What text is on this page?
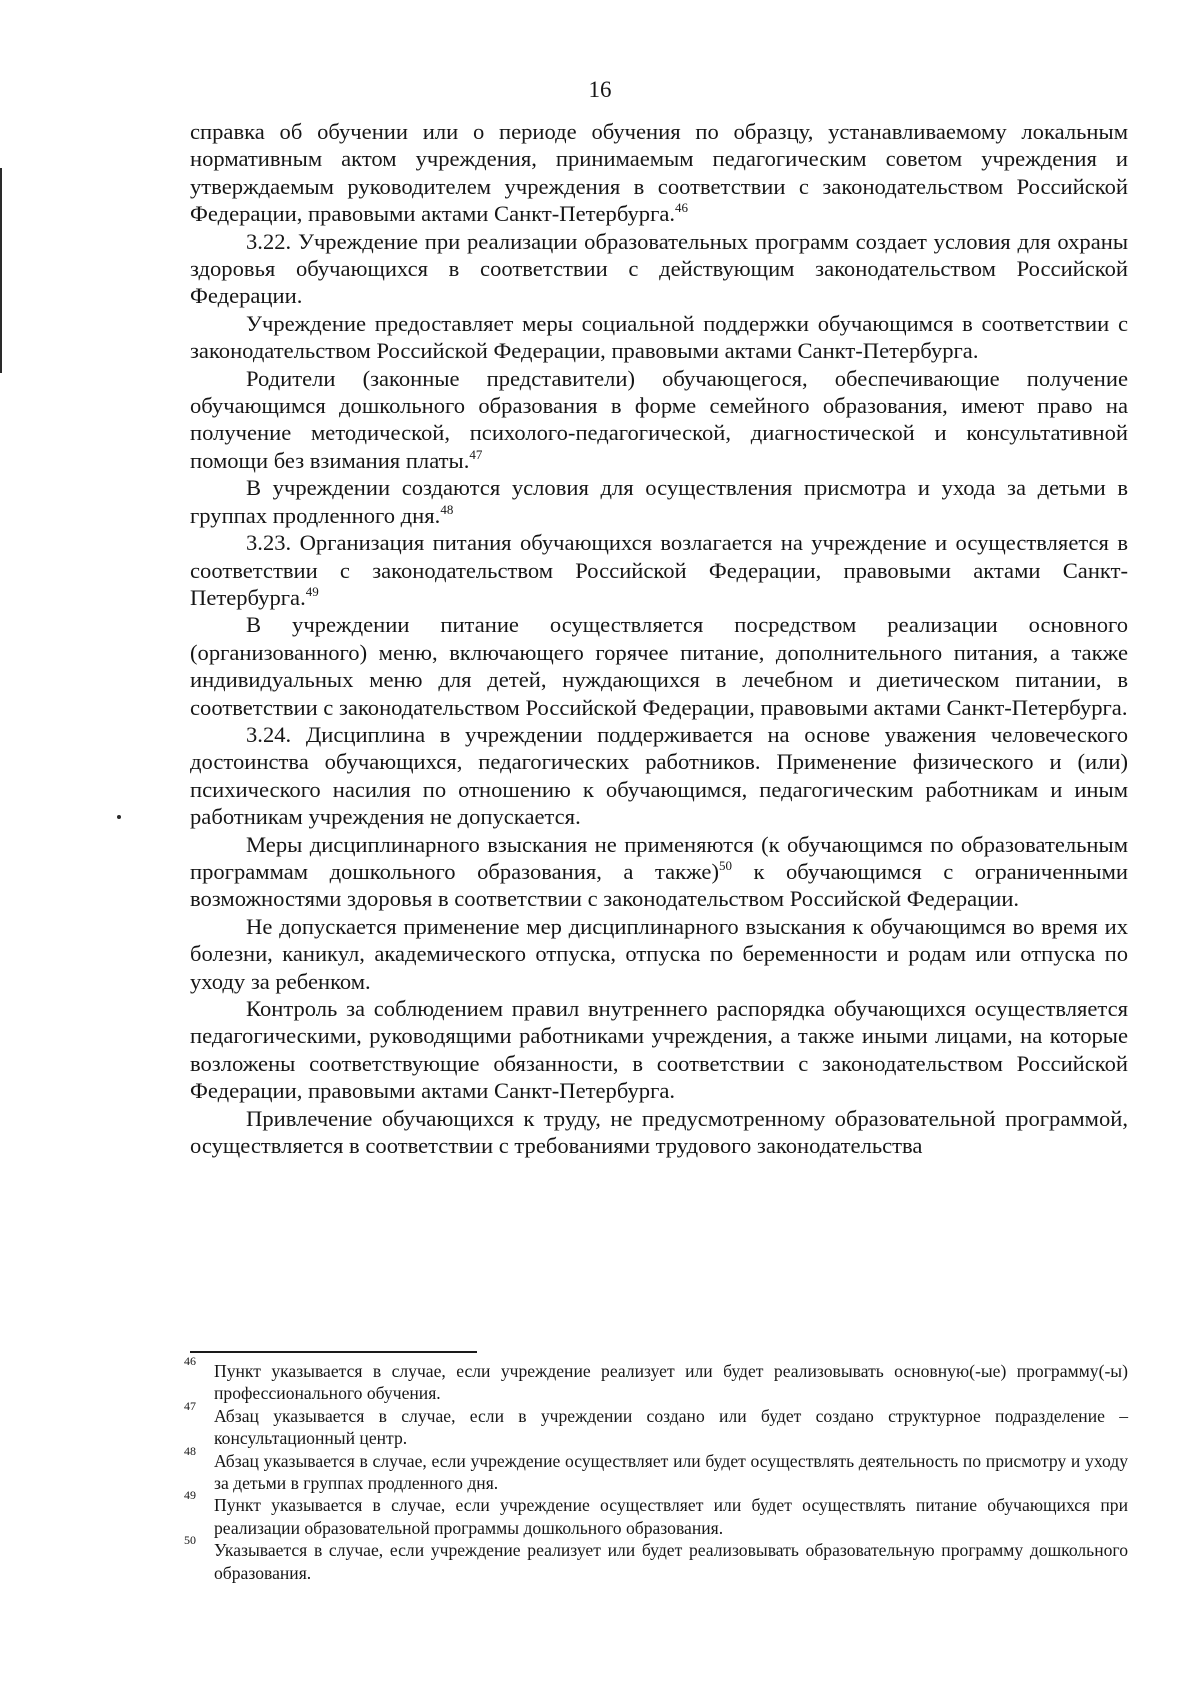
16

справка об обучении или о периоде обучения по образцу, устанавливаемому локальным нормативным актом учреждения, принимаемым педагогическим советом учреждения и утверждаемым руководителем учреждения в соответствии с законодательством Российской Федерации, правовыми актами Санкт-Петербурга.$^{46}$

3.22. Учреждение при реализации образовательных программ создает условия для охраны здоровья обучающихся в соответствии с действующим законодательством Российской Федерации.

Учреждение предоставляет меры социальной поддержки обучающимся в соответствии с законодательством Российской Федерации, правовыми актами Санкт-Петербурга.

Родители (законные представители) обучающегося, обеспечивающие получение обучающимся дошкольного образования в форме семейного образования, имеют право на получение методической, психолого-педагогической, диагностической и консультативной помощи без взимания платы.$^{47}$

В учреждении создаются условия для осуществления присмотра и ухода за детьми в группах продленного дня.$^{48}$

3.23. Организация питания обучающихся возлагается на учреждение и осуществляется в соответствии с законодательством Российской Федерации, правовыми актами Санкт-Петербурга.$^{49}$

В учреждении питание осуществляется посредством реализации основного (организованного) меню, включающего горячее питание, дополнительного питания, а также индивидуальных меню для детей, нуждающихся в лечебном и диетическом питании, в соответствии с законодательством Российской Федерации, правовыми актами Санкт-Петербурга.

3.24. Дисциплина в учреждении поддерживается на основе уважения человеческого достоинства обучающихся, педагогических работников. Применение физического и (или) психического насилия по отношению к обучающимся, педагогическим работникам и иным работникам учреждения не допускается.

Меры дисциплинарного взыскания не применяются (к обучающимся по образовательным программам дошкольного образования, а также)$^{50}$ к обучающимся с ограниченными возможностями здоровья в соответствии с законодательством Российской Федерации.

Не допускается применение мер дисциплинарного взыскания к обучающимся во время их болезни, каникул, академического отпуска, отпуска по беременности и родам или отпуска по уходу за ребенком.

Контроль за соблюдением правил внутреннего распорядка обучающихся осуществляется педагогическими, руководящими работниками учреждения, а также иными лицами, на которые возложены соответствующие обязанности, в соответствии с законодательством Российской Федерации, правовыми актами Санкт-Петербурга.

Привлечение обучающихся к труду, не предусмотренному образовательной программой, осуществляется в соответствии с требованиями трудового законодательства

46 Пункт указывается в случае, если учреждение реализует или будет реализовывать основную(-ые) программу(-ы) профессионального обучения.
47 Абзац указывается в случае, если в учреждении создано или будет создано структурное подразделение – консультационный центр.
48 Абзац указывается в случае, если учреждение осуществляет или будет осуществлять деятельность по присмотру и уходу за детьми в группах продленного дня.
49 Пункт указывается в случае, если учреждение осуществляет или будет осуществлять питание обучающихся при реализации образовательной программы дошкольного образования.
50 Указывается в случае, если учреждение реализует или будет реализовывать образовательную программу дошкольного образования.
